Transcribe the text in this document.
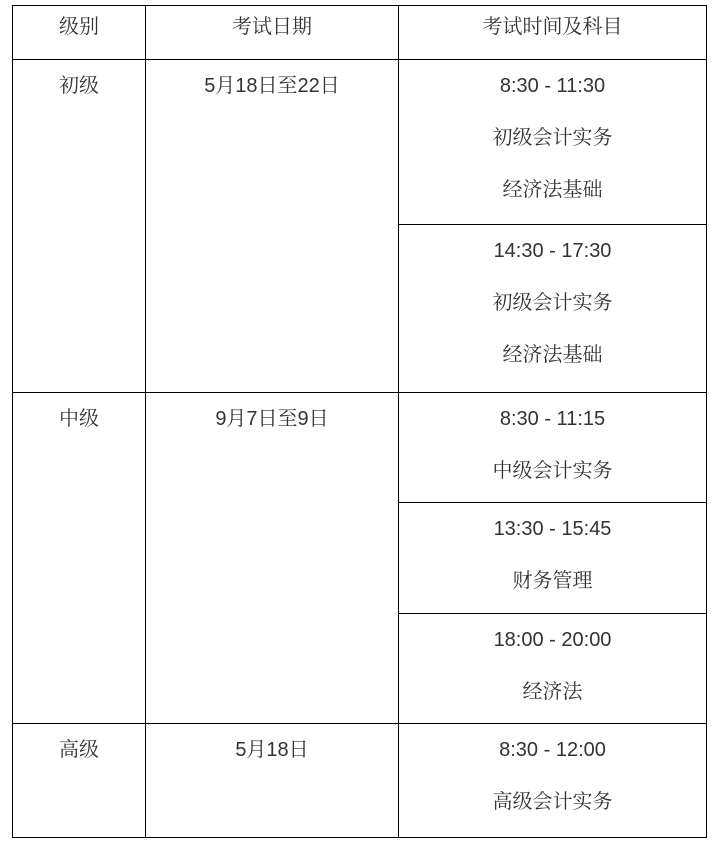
级别	考试日期	考试时间及科目

初级	5月18日至22日	8:30 - 11:30
初级会计实务
经济法基础

		14:30 - 17:30
初级会计实务
经济法基础

中级	9月7日至9日	8:30 - 11:15
中级会计实务

		13:30 - 15:45
财务管理

		18:00 - 20:00
经济法

高级	5月18日	8:30 - 12:00
高级会计实务
